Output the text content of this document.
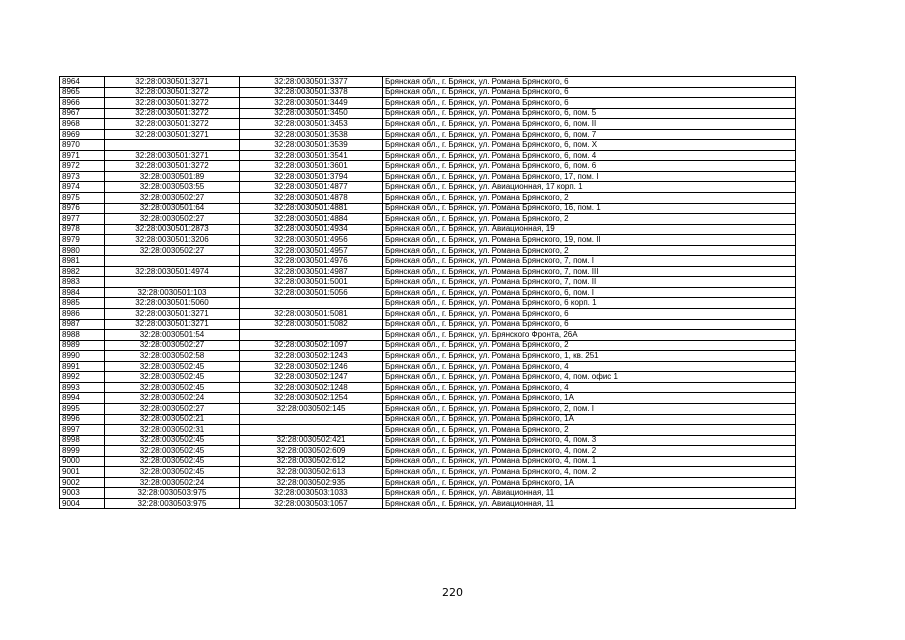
8964	32:28:0030501:3271	32:28:0030501:3377	Брянская обл., г. Брянск, ул. Романа Брянского, 6
8965	32:28:0030501:3272	32:28:0030501:3378	Брянская обл., г. Брянск, ул. Романа Брянского, 6
8966	32:28:0030501:3272	32:28:0030501:3449	Брянская обл., г. Брянск, ул. Романа Брянского, 6
8967	32:28:0030501:3272	32:28:0030501:3450	Брянская обл., г. Брянск, ул. Романа Брянского, 6, пом. 5
8968	32:28:0030501:3272	32:28:0030501:3453	Брянская обл., г. Брянск, ул. Романа Брянского, 6, пом. II
8969	32:28:0030501:3271	32:28:0030501:3538	Брянская обл., г. Брянск, ул. Романа Брянского, 6, пом. 7
8970		32:28:0030501:3539	Брянская обл., г. Брянск, ул. Романа Брянского, 6, пом. X
8971	32:28:0030501:3271	32:28:0030501:3541	Брянская обл., г. Брянск, ул. Романа Брянского, 6, пом. 4
8972	32:28:0030501:3272	32:28:0030501:3601	Брянская обл., г. Брянск, ул. Романа Брянского, 6, пом. 6
8973	32:28:0030501:89	32:28:0030501:3794	Брянская обл., г. Брянск, ул. Романа Брянского, 17, пом. I
8974	32:28:0030503:55	32:28:0030501:4877	Брянская обл., г. Брянск, ул. Авиационная, 17 корп. 1
8975	32:28:0030502:27	32:28:0030501:4878	Брянская обл., г. Брянск, ул. Романа Брянского, 2
8976	32:28:0030501:64	32:28:0030501:4881	Брянская обл., г. Брянск, ул. Романа Брянского, 16, пом. 1
8977	32:28:0030502:27	32:28:0030501:4884	Брянская обл., г. Брянск, ул. Романа Брянского, 2
8978	32:28:0030501:2873	32:28:0030501:4934	Брянская обл., г. Брянск, ул. Авиационная, 19
8979	32:28:0030501:3206	32:28:0030501:4956	Брянская обл., г. Брянск, ул. Романа Брянского, 19, пом. II
8980	32:28:0030502:27	32:28:0030501:4957	Брянская обл., г. Брянск, ул. Романа Брянского, 2
8981		32:28:0030501:4976	Брянская обл., г. Брянск, ул. Романа Брянского, 7, пом. I
8982	32:28:0030501:4974	32:28:0030501:4987	Брянская обл., г. Брянск, ул. Романа Брянского, 7, пом. III
8983		32:28:0030501:5001	Брянская обл., г. Брянск, ул. Романа Брянского, 7, пом. II
8984	32:28:0030501:103	32:28:0030501:5056	Брянская обл., г. Брянск, ул. Романа Брянского, 6, пом. I
8985	32:28:0030501:5060		Брянская обл., г. Брянск, ул. Романа Брянского, 6 корп. 1
8986	32:28:0030501:3271	32:28:0030501:5081	Брянская обл., г. Брянск, ул. Романа Брянского, 6
8987	32:28:0030501:3271	32:28:0030501:5082	Брянская обл., г. Брянск, ул. Романа Брянского, 6
8988	32:28:0030501:54		Брянская обл., г. Брянск, ул. Брянского Фронта, 26А
8989	32:28:0030502:27	32:28:0030502:1097	Брянская обл., г. Брянск, ул. Романа Брянского, 2
8990	32:28:0030502:58	32:28:0030502:1243	Брянская обл., г. Брянск, ул. Романа Брянского, 1, кв. 251
8991	32:28:0030502:45	32:28:0030502:1246	Брянская обл., г. Брянск, ул. Романа Брянского, 4
8992	32:28:0030502:45	32:28:0030502:1247	Брянская обл., г. Брянск, ул. Романа Брянского, 4, пом. офис 1
8993	32:28:0030502:45	32:28:0030502:1248	Брянская обл., г. Брянск, ул. Романа Брянского, 4
8994	32:28:0030502:24	32:28:0030502:1254	Брянская обл., г. Брянск, ул. Романа Брянского, 1А
8995	32:28:0030502:27	32:28:0030502:145	Брянская обл., г. Брянск, ул. Романа Брянского, 2, пом. I
8996	32:28:0030502:21		Брянская обл., г. Брянск, ул. Романа Брянского, 1А
8997	32:28:0030502:31		Брянская обл., г. Брянск, ул. Романа Брянского, 2
8998	32:28:0030502:45	32:28:0030502:421	Брянская обл., г. Брянск, ул. Романа Брянского, 4, пом. 3
8999	32:28:0030502:45	32:28:0030502:609	Брянская обл., г. Брянск, ул. Романа Брянского, 4, пом. 2
9000	32:28:0030502:45	32:28:0030502:612	Брянская обл., г. Брянск, ул. Романа Брянского, 4, пом. 1
9001	32:28:0030502:45	32:28:0030502:613	Брянская обл., г. Брянск, ул. Романа Брянского, 4, пом. 2
9002	32:28:0030502:24	32:28:0030502:935	Брянская обл., г. Брянск, ул. Романа Брянского, 1А
9003	32:28:0030503:975	32:28:0030503:1033	Брянская обл., г. Брянск, ул. Авиационная, 11
9004	32:28:0030503:975	32:28:0030503:1057	Брянская обл., г. Брянск, ул. Авиационная, 11
220
